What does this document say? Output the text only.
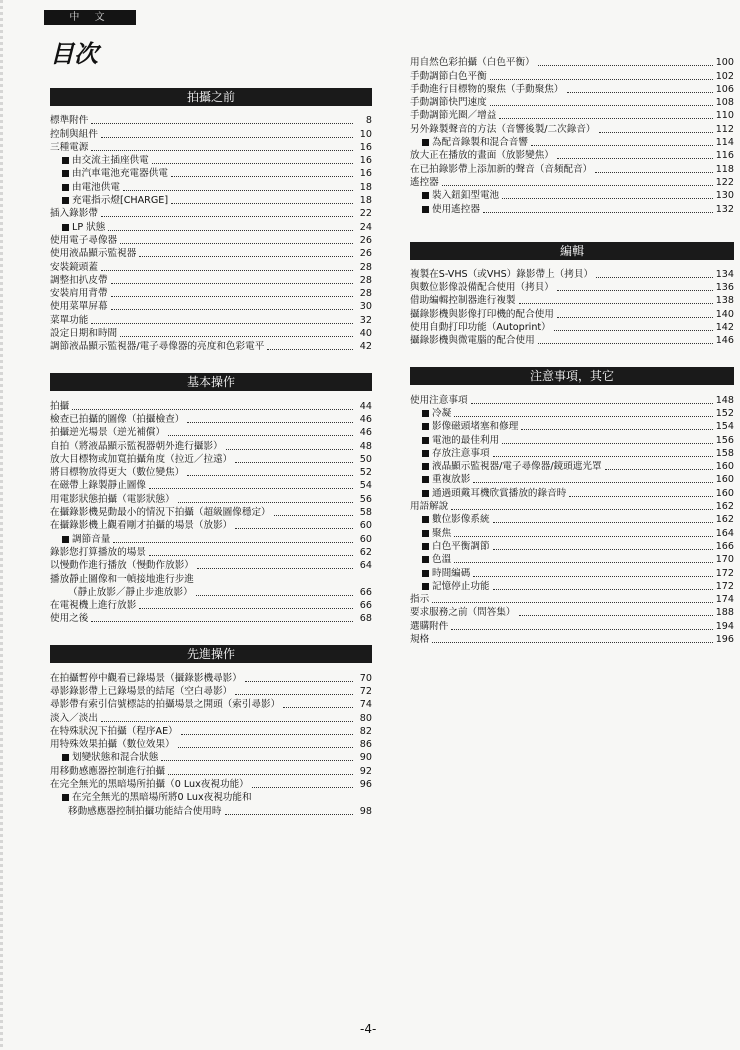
中 文
目次
拍攝之前
標準附件	8
控制與組件	10
三種電源	16
由交流主插座供電	16
由汽車電池充電器供電	16
由電池供電	18
充電指示燈[CHARGE]	18
插入錄影帶	22
LP 狀態	24
使用電子尋像器	26
使用液晶顯示監視器	26
安裝鏡頭蓋	28
調整扣扒皮帶	28
安裝肩用背帶	28
使用菜單屏幕	30
菜單功能	32
設定日期和時間	40
調節液晶顯示監視器/電子尋像器的亮度和色彩電平	42
基本操作
拍攝	44
檢查已拍攝的圖像（拍攝檢查）	46
拍攝逆光場景（逆光補償）	46
自拍（將液晶顯示監視器朝外進行攝影）	48
放大目標物或加寬拍攝角度（拉近／拉遠）	50
將目標物放得更大（數位變焦）	52
在磁帶上錄製靜止圖像	54
用電影狀態拍攝（電影狀態）	56
在攝錄影機晃動最小的情況下拍攝（超級圖像穩定）	58
在攝錄影機上觀看剛才拍攝的場景（放影）	60
調節音量	60
錄影您打算播放的場景	62
以慢動作進行播放（慢動作放影）	64
播放靜止圖像和一幀接地進行步進
（靜止放影／靜止步進放影）	66
在電視機上進行放影	66
使用之後	68
先進操作
在拍攝暫停中觀看已錄場景（攝錄影機尋影）	70
尋影錄影帶上已錄場景的結尾（空白尋影）	72
尋影帶有索引信號標誌的拍攝場景之開頭（索引尋影）	74
淡入／淡出	80
在特殊狀況下拍攝（程序AE）	82
用特殊效果拍攝（數位效果）	86
划變狀態和混合狀態	90
用移動感應器控制進行拍攝	92
在完全無光的黑暗場所拍攝（0 Lux夜視功能）	96
在完全無光的黑暗場所將0 Lux夜視功能和
移動感應器控制拍攝功能結合使用時	98
用自然色彩拍攝（白色平衡）	100
手動調節白色平衡	102
手動進行目標物的聚焦（手動聚焦）	106
手動調節快門速度	108
手動調節光圈／增益	110
另外錄製聲音的方法（音響後製/二次錄音）	112
為配音錄製和混合音響	114
放大正在播放的畫面（放影變焦）	116
在已拍錄影帶上添加新的聲音（音頻配音）	118
遙控器	122
裝入鈕釦型電池	130
使用遙控器	132
編輯
複製在S-VHS（或VHS）錄影帶上（拷貝）	134
與數位影像設備配合使用（拷貝）	136
借助編輯控制器進行複製	138
攝錄影機與影像打印機的配合使用	140
使用自動打印功能（Autoprint）	142
攝錄影機與微電腦的配合使用	146
注意事項，其它
使用注意事項	148
冷凝	152
影像磁頭堵塞和修理	154
電池的最佳利用	156
存放注意事項	158
液晶顯示監視器/電子尋像器/鏡頭遮光罩	160
重複放影	160
通過頭戴耳機欣賞播放的錄音時	160
用語解說	162
數位影像系統	162
聚焦	164
白色平衡調節	166
色溫	170
時間編碼	172
記憶停止功能	172
指示	174
要求服務之前（問答集）	188
選購附件	194
規格	196
-4-
